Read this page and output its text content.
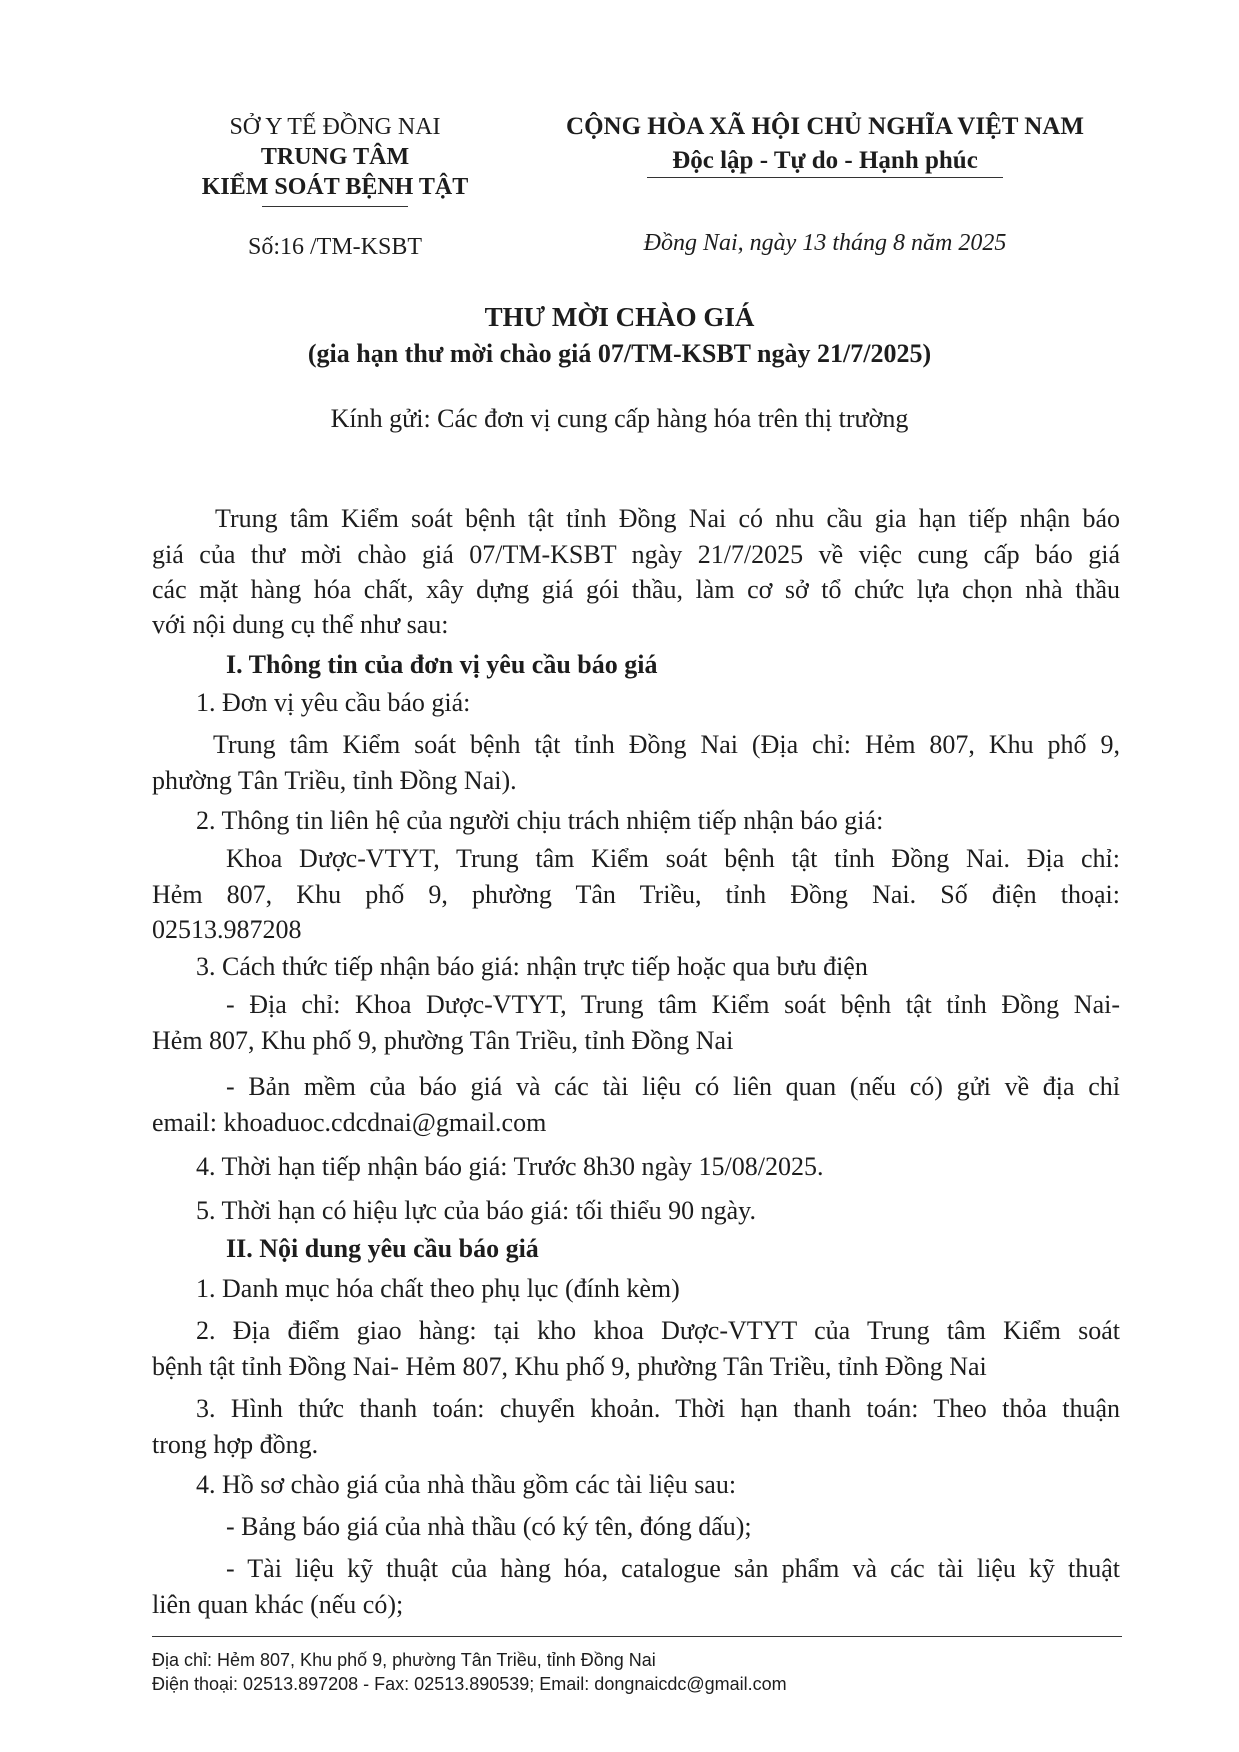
SỞ Y TẾ ĐỒNG NAI
TRUNG TÂM
KIỂM SOÁT BỆNH TẬT
Số:16 /TM-KSBT
CỘNG HÒA XÃ HỘI CHỦ NGHĨA VIỆT NAM
Độc lập - Tự do - Hạnh phúc
Đồng Nai, ngày 13 tháng 8 năm 2025
THƯ MỜI CHÀO GIÁ
(gia hạn thư mời chào giá 07/TM-KSBT ngày 21/7/2025)
Kính gửi: Các đơn vị cung cấp hàng hóa trên thị trường
Trung tâm Kiểm soát bệnh tật tỉnh Đồng Nai có nhu cầu gia hạn tiếp nhận báo
giá của thư mời chào giá 07/TM-KSBT ngày 21/7/2025 về việc cung cấp báo giá
các mặt hàng hóa chất, xây dựng giá gói thầu, làm cơ sở tổ chức lựa chọn nhà thầu
với nội dung cụ thể như sau:
I. Thông tin của đơn vị yêu cầu báo giá
1. Đơn vị yêu cầu báo giá:
Trung tâm Kiểm soát bệnh tật tỉnh Đồng Nai (Địa chỉ: Hẻm 807, Khu phố 9,
phường Tân Triều, tỉnh Đồng Nai).
2. Thông tin liên hệ của người chịu trách nhiệm tiếp nhận báo giá:
Khoa Dược-VTYT, Trung tâm Kiểm soát bệnh tật tỉnh Đồng Nai. Địa chỉ:
Hẻm 807, Khu phố 9, phường Tân Triều, tỉnh Đồng Nai. Số điện thoại:
02513.987208
3. Cách thức tiếp nhận báo giá: nhận trực tiếp hoặc qua bưu điện
- Địa chỉ: Khoa Dược-VTYT, Trung tâm Kiểm soát bệnh tật tỉnh Đồng Nai-
Hẻm 807, Khu phố 9, phường Tân Triều, tỉnh Đồng Nai
- Bản mềm của báo giá và các tài liệu có liên quan (nếu có) gửi về địa chỉ
email: khoaduoc.cdcdnai@gmail.com
4. Thời hạn tiếp nhận báo giá: Trước 8h30 ngày 15/08/2025.
5. Thời hạn có hiệu lực của báo giá: tối thiểu 90 ngày.
II. Nội dung yêu cầu báo giá
1. Danh mục hóa chất theo phụ lục (đính kèm)
2. Địa điểm giao hàng: tại kho khoa Dược-VTYT của Trung tâm Kiểm soát
bệnh tật tỉnh Đồng Nai- Hẻm 807, Khu phố 9, phường Tân Triều, tỉnh Đồng Nai
3. Hình thức thanh toán: chuyển khoản. Thời hạn thanh toán: Theo thỏa thuận
trong hợp đồng.
4. Hồ sơ chào giá của nhà thầu gồm các tài liệu sau:
- Bảng báo giá của nhà thầu (có ký tên, đóng dấu);
- Tài liệu kỹ thuật của hàng hóa, catalogue sản phẩm và các tài liệu kỹ thuật
liên quan khác (nếu có);
Địa chỉ: Hẻm 807, Khu phố 9, phường Tân Triều, tỉnh Đồng Nai
Điện thoại: 02513.897208 - Fax: 02513.890539; Email: dongnaicdc@gmail.com
